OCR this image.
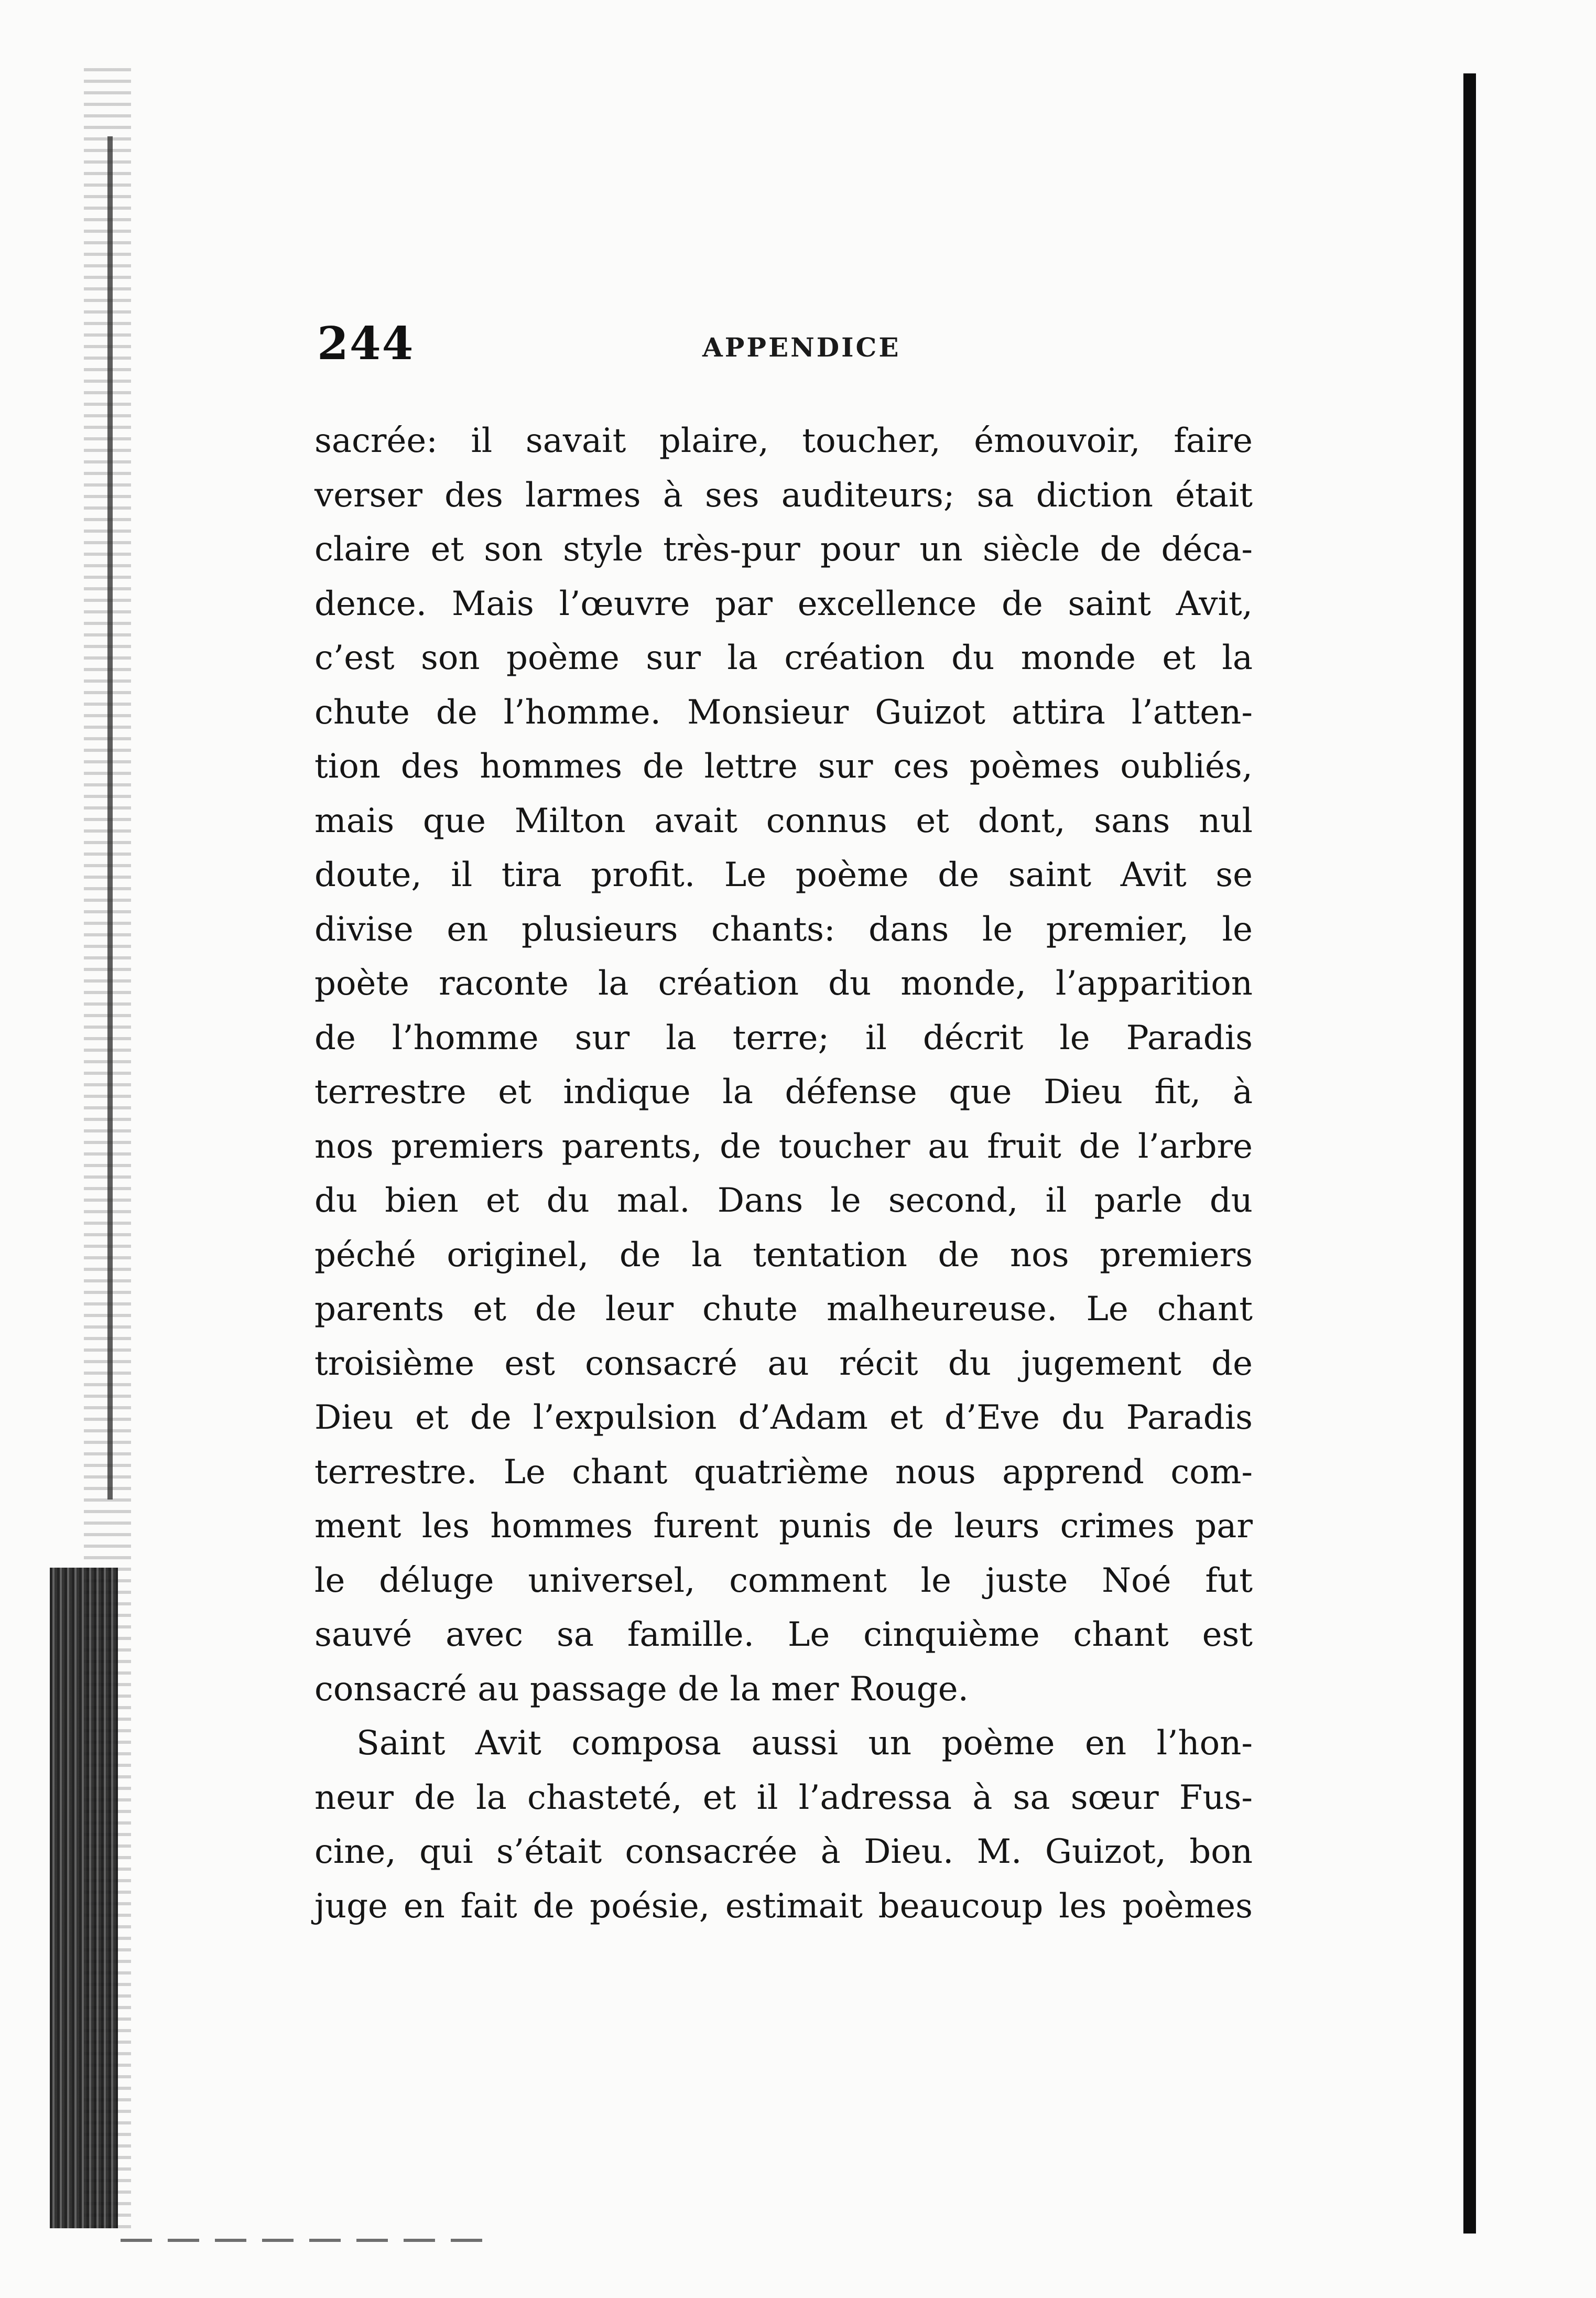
244	APPENDICE
sacrée: il savait plaire, toucher, émouvoir, faire
verser des larmes à ses auditeurs; sa diction était
claire et son style très-pur pour un siècle de déca-
dence. Mais l’œuvre par excellence de saint Avit,
c’est son poème sur la création du monde et la
chute de l’homme. Monsieur Guizot attira l’atten-
tion des hommes de lettre sur ces poèmes oubliés,
mais que Milton avait connus et dont, sans nul
doute, il tira profit. Le poème de saint Avit se
divise en plusieurs chants: dans le premier, le
poète raconte la création du monde, l’apparition
de l’homme sur la terre; il décrit le Paradis
terrestre et indique la défense que Dieu fit, à
nos premiers parents, de toucher au fruit de l’arbre
du bien et du mal. Dans le second, il parle du
péché originel, de la tentation de nos premiers
parents et de leur chute malheureuse. Le chant
troisième est consacré au récit du jugement de
Dieu et de l’expulsion d’Adam et d’Eve du Paradis
terrestre. Le chant quatrième nous apprend com-
ment les hommes furent punis de leurs crimes par
le déluge universel, comment le juste Noé fut
sauvé avec sa famille. Le cinquième chant est
consacré au passage de la mer Rouge.
Saint Avit composa aussi un poème en l’hon-
neur de la chasteté, et il l’adressa à sa sœur Fus-
cine, qui s’était consacrée à Dieu. M. Guizot, bon
juge en fait de poésie, estimait beaucoup les poèmes
